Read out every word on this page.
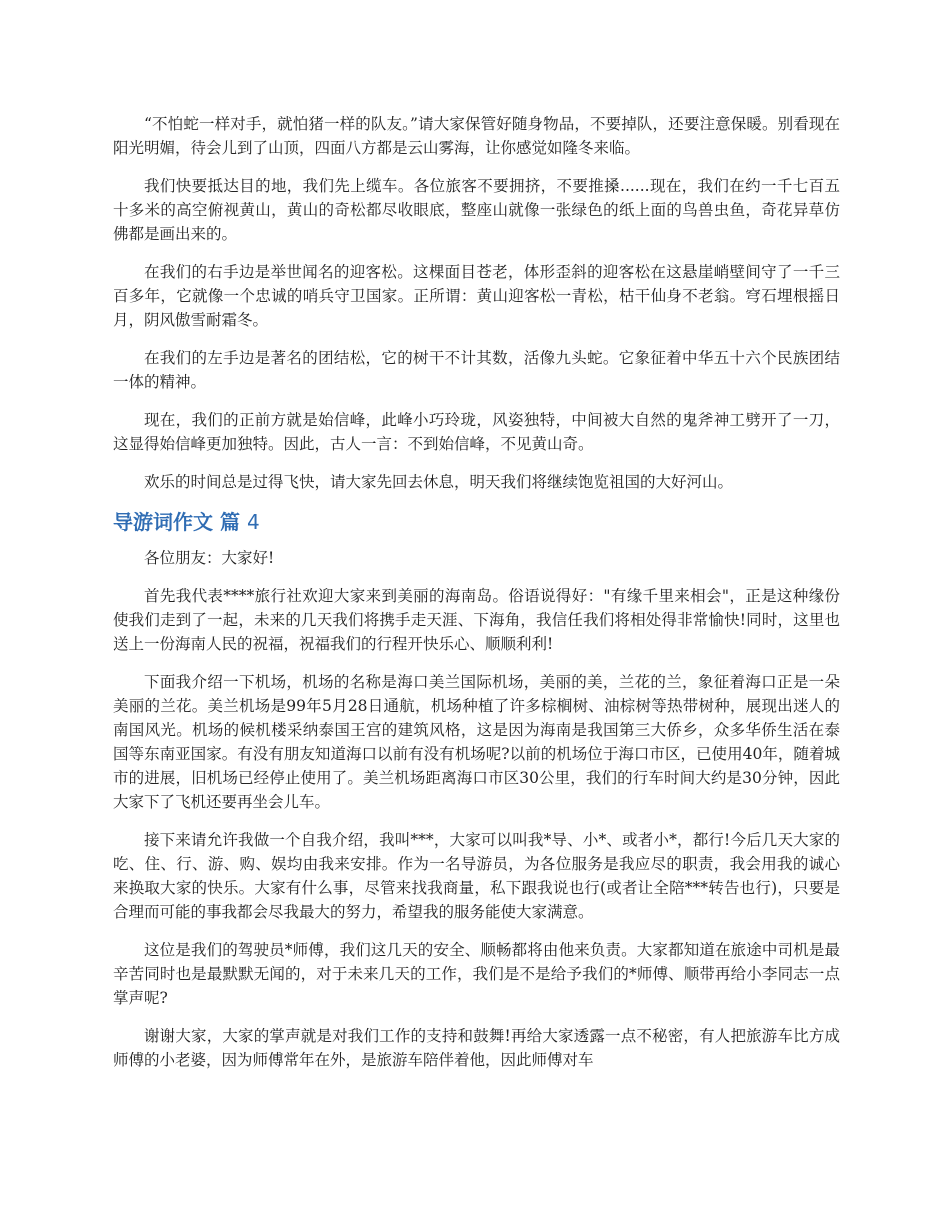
“不怕蛇一样对手，就怕猪一样的队友。”请大家保管好随身物品，不要掉队，还要注意保暖。别看现在阳光明媚，待会儿到了山顶，四面八方都是云山雾海，让你感觉如隆冬来临。

我们快要抵达目的地，我们先上缆车。各位旅客不要拥挤，不要推搡......现在，我们在约一千七百五十多米的高空俯视黄山，黄山的奇松都尽收眼底，整座山就像一张绿色的纸上面的鸟兽虫鱼，奇花异草仿佛都是画出来的。

在我们的右手边是举世闻名的迎客松。这棵面目苍老，体形歪斜的迎客松在这悬崖峭壁间守了一千三百多年，它就像一个忠诚的哨兵守卫国家。正所谓：黄山迎客松一青松，枯干仙身不老翁。穹石埋根摇日月，阴风傲雪耐霜冬。

在我们的左手边是著名的团结松，它的树干不计其数，活像九头蛇。它象征着中华五十六个民族团结一体的精神。

现在，我们的正前方就是始信峰，此峰小巧玲珑，风姿独特，中间被大自然的鬼斧神工劈开了一刀，这显得始信峰更加独特。因此，古人一言：不到始信峰，不见黄山奇。

欢乐的时间总是过得飞快，请大家先回去休息，明天我们将继续饱览祖国的大好河山。

导游词作文 篇 4

各位朋友：大家好!

首先我代表****旅行社欢迎大家来到美丽的海南岛。俗语说得好："有缘千里来相会"，正是这种缘份使我们走到了一起，未来的几天我们将携手走天涯、下海角，我信任我们将相处得非常愉快!同时，这里也送上一份海南人民的祝福，祝福我们的行程开快乐心、顺顺利利!

下面我介绍一下机场，机场的名称是海口美兰国际机场，美丽的美，兰花的兰，象征着海口正是一朵美丽的兰花。美兰机场是99年5月28日通航，机场种植了许多棕榈树、油棕树等热带树种，展现出迷人的南国风光。机场的候机楼采纳泰国王宫的建筑风格，这是因为海南是我国第三大侨乡，众多华侨生活在泰国等东南亚国家。有没有朋友知道海口以前有没有机场呢?以前的机场位于海口市区，已使用40年，随着城市的进展，旧机场已经停止使用了。美兰机场距离海口市区30公里，我们的行车时间大约是30分钟，因此大家下了飞机还要再坐会儿车。

接下来请允许我做一个自我介绍，我叫***，大家可以叫我*导、小*、或者小*，都行!今后几天大家的吃、住、行、游、购、娱均由我来安排。作为一名导游员，为各位服务是我应尽的职责，我会用我的诚心来换取大家的快乐。大家有什么事，尽管来找我商量，私下跟我说也行(或者让全陪***转告也行)，只要是合理而可能的事我都会尽我最大的努力，希望我的服务能使大家满意。

这位是我们的驾驶员*师傅，我们这几天的安全、顺畅都将由他来负责。大家都知道在旅途中司机是最辛苦同时也是最默默无闻的，对于未来几天的工作，我们是不是给予我们的*师傅、顺带再给小李同志一点掌声呢?

谢谢大家，大家的掌声就是对我们工作的支持和鼓舞!再给大家透露一点不秘密，有人把旅游车比方成师傅的小老婆，因为师傅常年在外，是旅游车陪伴着他，因此师傅对车
